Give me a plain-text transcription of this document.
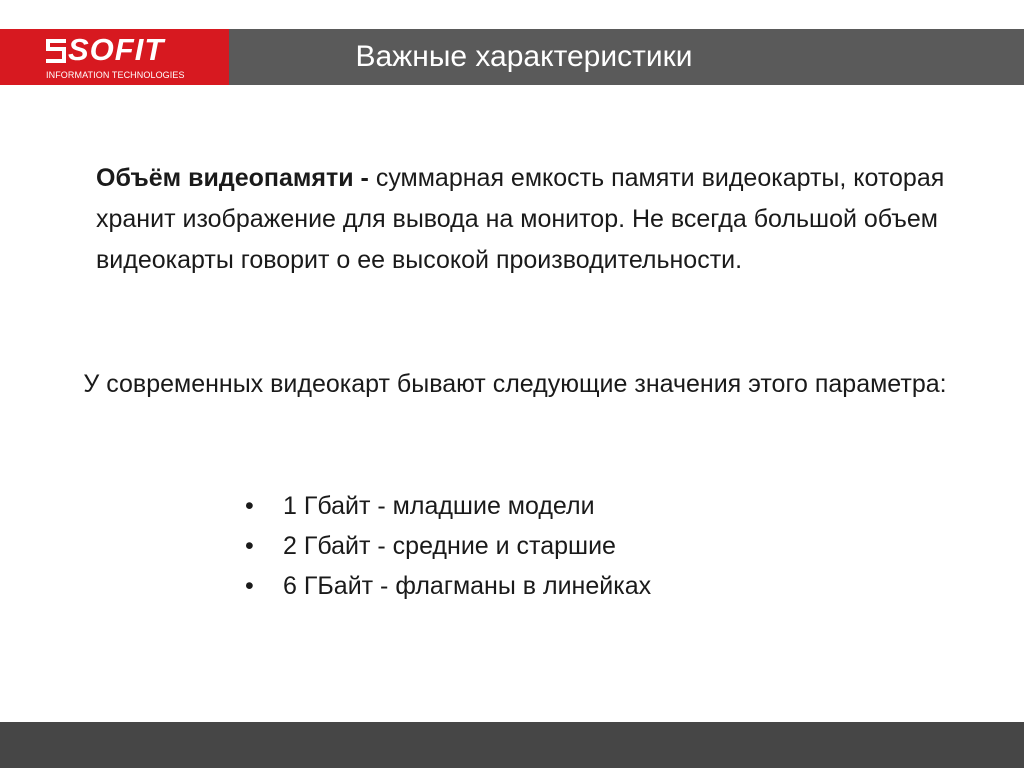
SOFIT
INFORMATION TECHNOLOGIES
Важные характеристики
Объём видеопамяти - суммарная емкость памяти видеокарты, которая хранит изображение для вывода на монитор. Не всегда большой объем видеокарты говорит о ее высокой производительности.
У современных видеокарт бывают следующие значения этого параметра:
• 1 Гбайт - младшие модели
• 2 Гбайт - средние и старшие
• 6 ГБайт - флагманы в линейках
